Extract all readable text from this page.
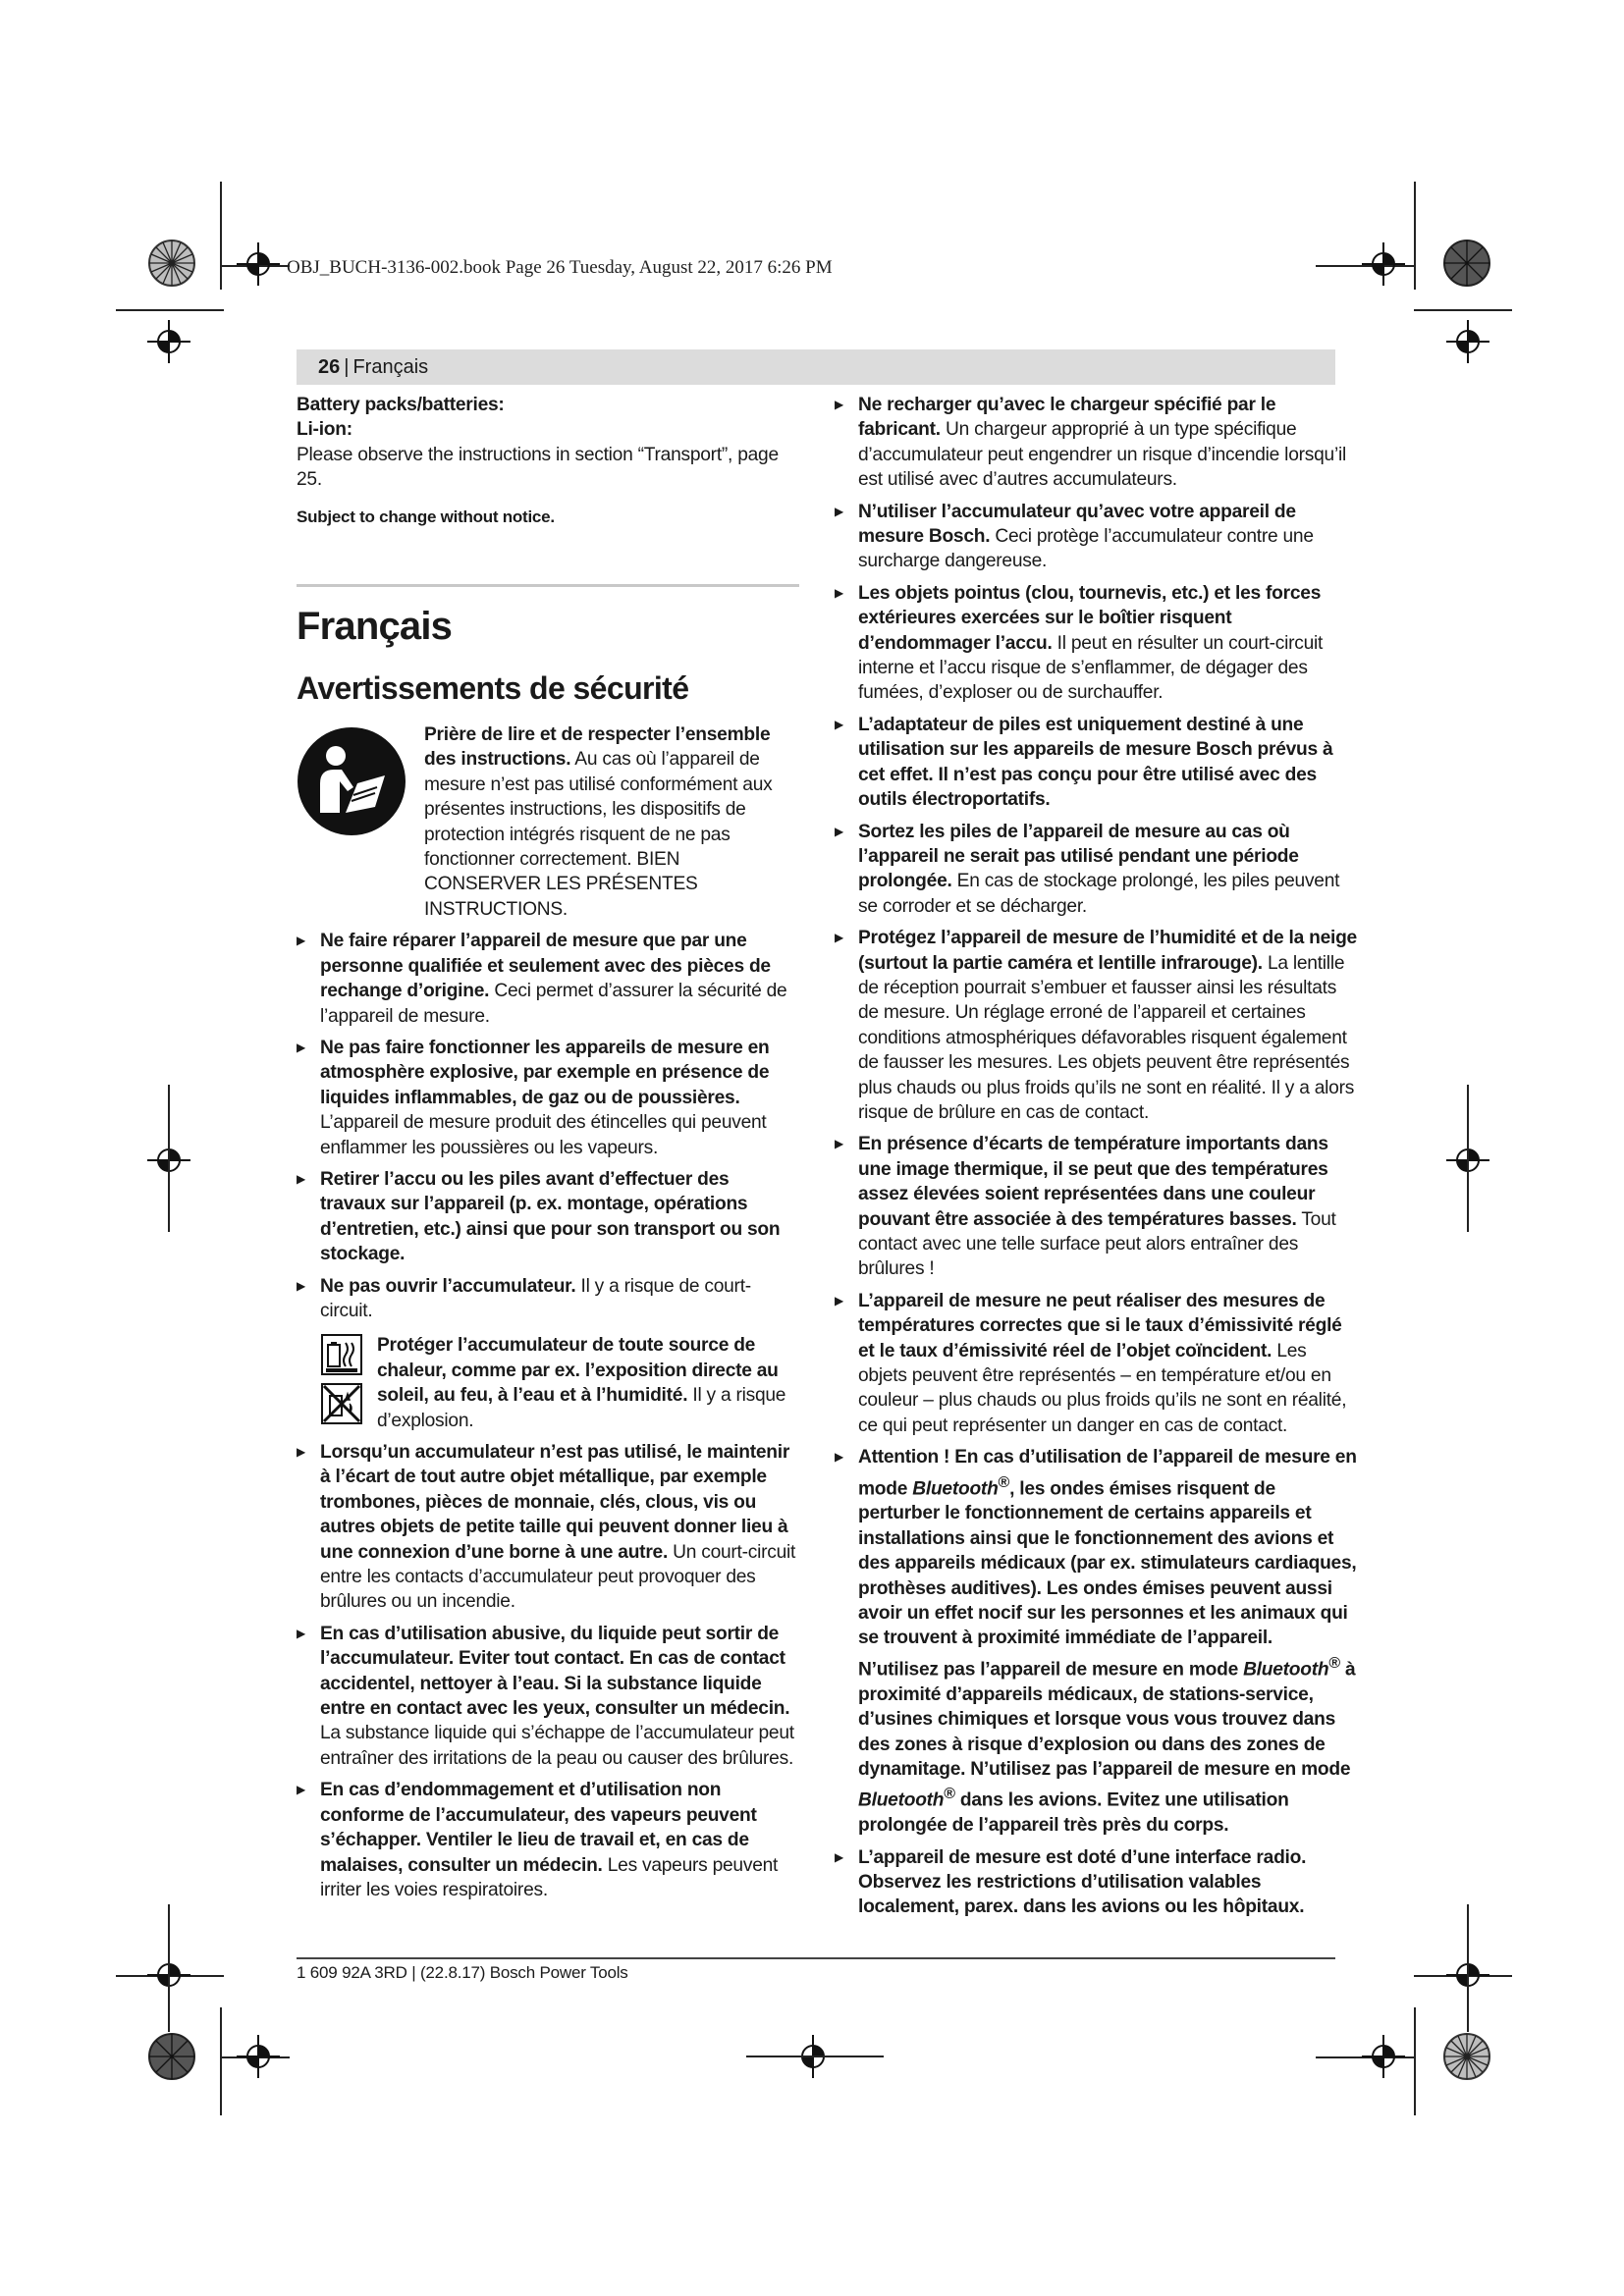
OBJ_BUCH-3136-002.book Page 26 Tuesday, August 22, 2017 6:26 PM
26 | Français

Battery packs/batteries:

Li-ion:

Please observe the instructions in section “Transport”, page 25.

Subject to change without notice.

Français

Avertissements de sécurité

Prière de lire et de respecter l’ensemble des instructions. Au cas où l’appareil de mesure n’est pas utilisé conformément aux présentes instructions, les dispositifs de protection intégrés risquent de ne pas fonctionner correctement. BIEN CONSERVER LES PRÉSENTES INSTRUCTIONS.

▶ Ne faire réparer l’appareil de mesure que par une personne qualifiée et seulement avec des pièces de rechange d’origine. Ceci permet d’assurer la sécurité de l’appareil de mesure.

▶ Ne pas faire fonctionner les appareils de mesure en atmosphère explosive, par exemple en présence de liquides inflammables, de gaz ou de poussières. L’appareil de mesure produit des étincelles qui peuvent enflammer les poussières ou les vapeurs.

▶ Retirer l’accu ou les piles avant d’effectuer des travaux sur l’appareil (p. ex. montage, opérations d’entretien, etc.) ainsi que pour son transport ou son stockage.

▶ Ne pas ouvrir l’accumulateur. Il y a risque de court-circuit.

Protéger l’accumulateur de toute source de chaleur, comme par ex. l’exposition directe au soleil, au feu, à l’eau et à l’humidité. Il y a risque d’explosion.

▶ Lorsqu’un accumulateur n’est pas utilisé, le maintenir à l’écart de tout autre objet métallique, par exemple trombones, pièces de monnaie, clés, clous, vis ou autres objets de petite taille qui peuvent donner lieu à une connexion d’une borne à une autre. Un court-circuit entre les contacts d’accumulateur peut provoquer des brûlures ou un incendie.

▶ En cas d’utilisation abusive, du liquide peut sortir de l’accumulateur. Eviter tout contact. En cas de contact accidentel, nettoyer à l’eau. Si la substance liquide entre en contact avec les yeux, consulter un médecin. La substance liquide qui s’échappe de l’accumulateur peut entraîner des irritations de la peau ou causer des brûlures.

▶ En cas d’endommagement et d’utilisation non conforme de l’accumulateur, des vapeurs peuvent s’échapper. Ventiler le lieu de travail et, en cas de malaises, consulter un médecin. Les vapeurs peuvent irriter les voies respiratoires.

▶ Ne recharger qu’avec le chargeur spécifié par le fabricant. Un chargeur approprié à un type spécifique d’accumulateur peut engendrer un risque d’incendie lorsqu’il est utilisé avec d’autres accumulateurs.

▶ N’utiliser l’accumulateur qu’avec votre appareil de mesure Bosch. Ceci protège l’accumulateur contre une surcharge dangereuse.

▶ Les objets pointus (clou, tournevis, etc.) et les forces extérieures exercées sur le boîtier risquent d’endommager l’accu. Il peut en résulter un court-circuit interne et l’accu risque de s’enflammer, de dégager des fumées, d’exploser ou de surchauffer.

▶ L’adaptateur de piles est uniquement destiné à une utilisation sur les appareils de mesure Bosch prévus à cet effet. Il n’est pas conçu pour être utilisé avec des outils électroportatifs.

▶ Sortez les piles de l’appareil de mesure au cas où l’appareil ne serait pas utilisé pendant une période prolongée. En cas de stockage prolongé, les piles peuvent se corroder et se décharger.

▶ Protégez l’appareil de mesure de l’humidité et de la neige (surtout la partie caméra et lentille infrarouge). La lentille de réception pourrait s’embuer et fausser ainsi les résultats de mesure. Un réglage erroné de l’appareil et certaines conditions atmosphériques défavorables risquent également de fausser les mesures. Les objets peuvent être représentés plus chauds ou plus froids qu’ils ne sont en réalité. Il y a alors risque de brûlure en cas de contact.

▶ En présence d’écarts de température importants dans une image thermique, il se peut que des températures assez élevées soient représentées dans une couleur pouvant être associée à des températures basses. Tout contact avec une telle surface peut alors entraîner des brûlures !

▶ L’appareil de mesure ne peut réaliser des mesures de températures correctes que si le taux d’émissivité réglé et le taux d’émissivité réel de l’objet coïncident. Les objets peuvent être représentés – en température et/ou en couleur – plus chauds ou plus froids qu’ils ne sont en réalité, ce qui peut représenter un danger en cas de contact.

▶ Attention ! En cas d’utilisation de l’appareil de mesure en mode Bluetooth®, les ondes émises risquent de perturber le fonctionnement de certains appareils et installations ainsi que le fonctionnement des avions et des appareils médicaux (par ex. stimulateurs cardiaques, prothèses auditives). Les ondes émises peuvent aussi avoir un effet nocif sur les personnes et les animaux qui se trouvent à proximité immédiate de l’appareil. N’utilisez pas l’appareil de mesure en mode Bluetooth® à proximité d’appareils médicaux, de stations-service, d’usines chimiques et lorsque vous vous trouvez dans des zones à risque d’explosion ou dans des zones de dynamitage. N’utilisez pas l’appareil de mesure en mode Bluetooth® dans les avions. Evitez une utilisation prolongée de l’appareil très près du corps.

▶ L’appareil de mesure est doté d’une interface radio. Observez les restrictions d’utilisation valables localement, parex. dans les avions ou les hôpitaux.

1 609 92A 3RD | (22.8.17) Bosch Power Tools
